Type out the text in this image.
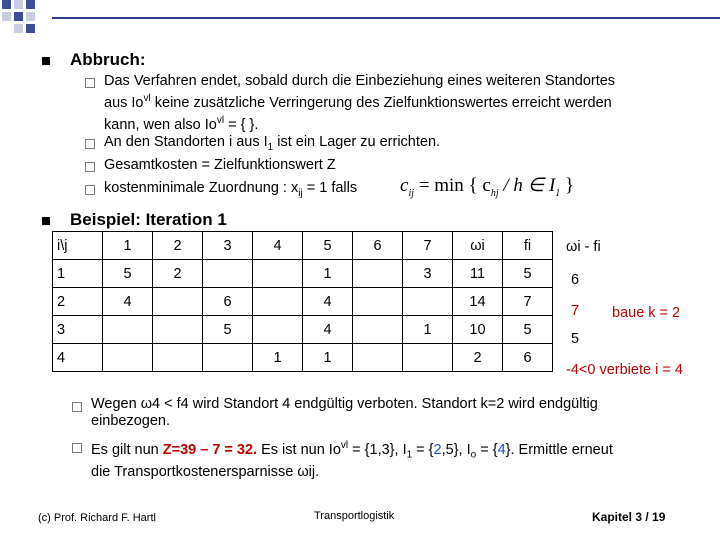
Abbruch:
Das Verfahren endet, sobald durch die Einbeziehung eines weiteren Standortes
aus $Io^{vl}$ keine zusätzliche Verringerung des Zielfunktionswertes erreicht werden
kann, wen also $Io^{vl}$ = { }.
An den Standorten i aus $I_1$ ist ein Lager zu errichten.
Gesamtkosten = Zielfunktionswert Z
kostenminimale Zuordnung : $x_{ij} = 1$ falls $c_{ij} = \min$ { $c_{hj}$ / h ∈ $I_1$ }
Beispiel: Iteration 1
i\j	1	2	3	4	5	6	7	ωi	fi
1	5	2			1		3	11	5
2	4		6		4			14	7
3			5		4		1	10	5
4				1	1			2	6
ωi - fi
6
7 baue k = 2
5
-4<0 verbiete i = 4
Wegen ω4 < f4 wird Standort 4 endgültig verboten. Standort k=2 wird endgültig
einbezogen.
Es gilt nun Z=39 – 7 = 32. Es ist nun $Io^{vl} = \{1,3\}$, $I_1 = \{2,5\}$, $I_o = \{4\}$. Ermittle erneut
die Transportkostenersparnisse ωij.
(c) Prof. Richard F. Hartl	Transportlogistik	Kapitel 3 / 19
